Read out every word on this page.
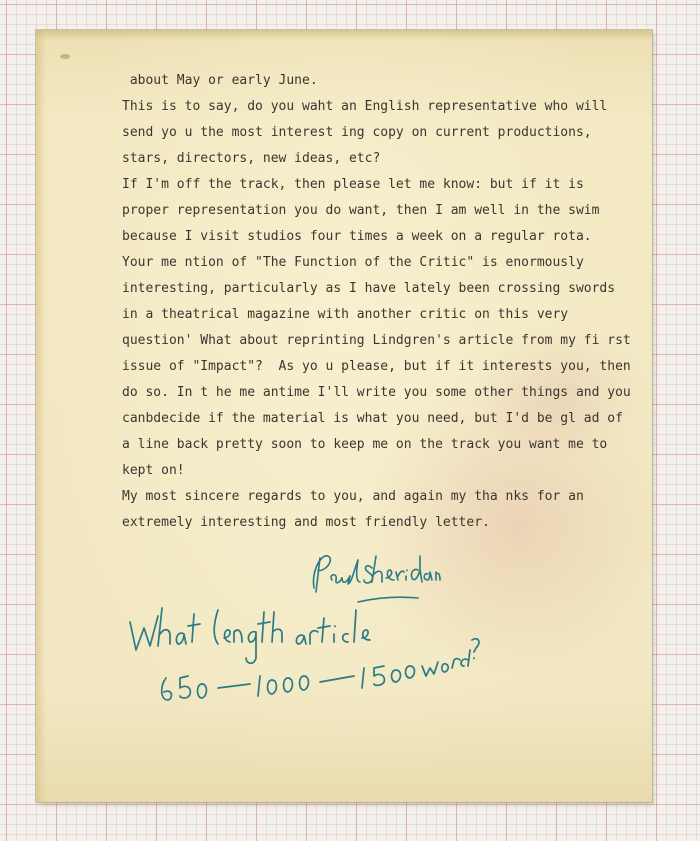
about May or early June.
This is to say, do you waht an English representative who will
send yo u the most interest ing copy on current productions,
stars, directors, new ideas, etc?
If I'm off the track, then please let me know: but if it is
proper representation you do want, then I am well in the swim
because I visit studios four times a week on a regular rota.
Your me ntion of "The Function of the Critic" is enormously
interesting, particularly as I have lately been crossing swords
in a theatrical magazine with another critic on this very
question' What about reprinting Lindgren's article from my fi rst
issue of "Impact"?  As yo u please, but if it interests you, then
do so. In t he me antime I'll write you some other things and you
canbdecide if the material is what you need, but I'd be gl ad of
a line back pretty soon to keep me on the track you want me to
kept on!
My most sincere regards to you, and again my tha nks for an
extremely interesting and most friendly letter.
